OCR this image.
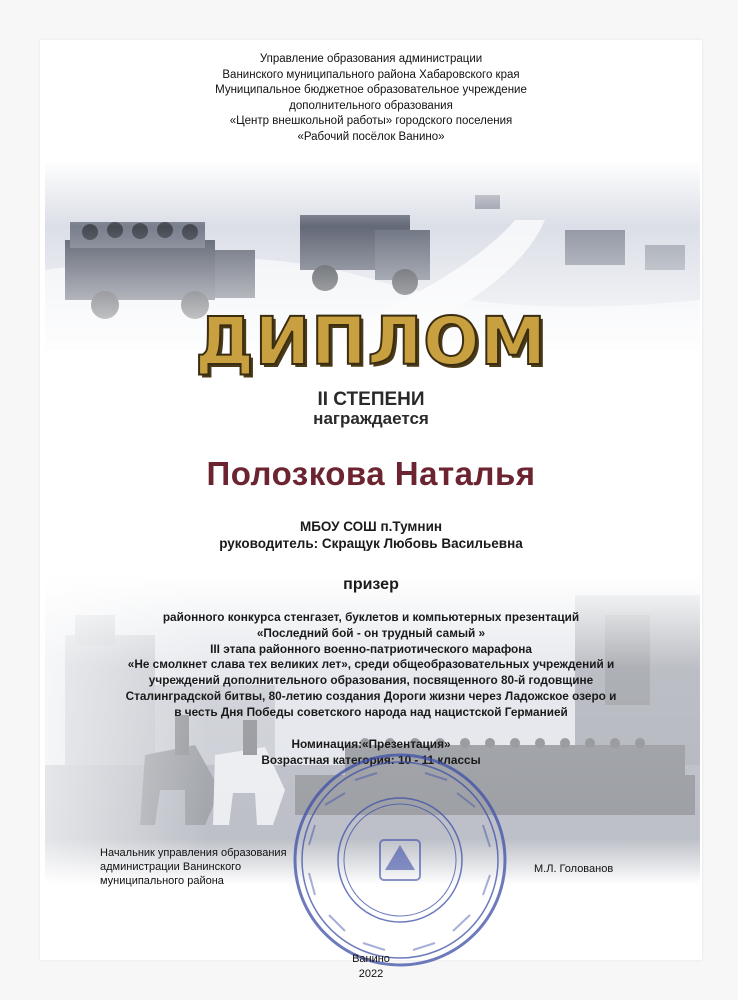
Управление образования администрации
Ванинского муниципального района Хабаровского края
Муниципальное бюджетное образовательное учреждение
дополнительного образования
«Центр внешкольной работы» городского поселения
«Рабочий посёлок Ванино»
ДИПЛОМ
II СТЕПЕНИ
награждается
Полозкова Наталья
МБОУ СОШ п.Тумнин
руководитель: Скращук Любовь Васильевна
призер
районного конкурса стенгазет, буклетов и компьютерных презентаций
«Последний бой - он трудный самый »
III этапа районного военно-патриотического марафона
«Не смолкнет слава тех великих лет», среди общеобразовательных учреждений и
учреждений дополнительного образования, посвященного 80-й годовщине
Сталинградской битвы, 80-летию создания Дороги жизни через Ладожское озеро и
в честь Дня Победы советского народа над нацистской Германией
Номинация:«Презентация»
Возрастная категория: 10 - 11 классы
Начальник управления образования
администрации Ванинского
муниципального района
М.Л. Голованов
Ванино
2022
